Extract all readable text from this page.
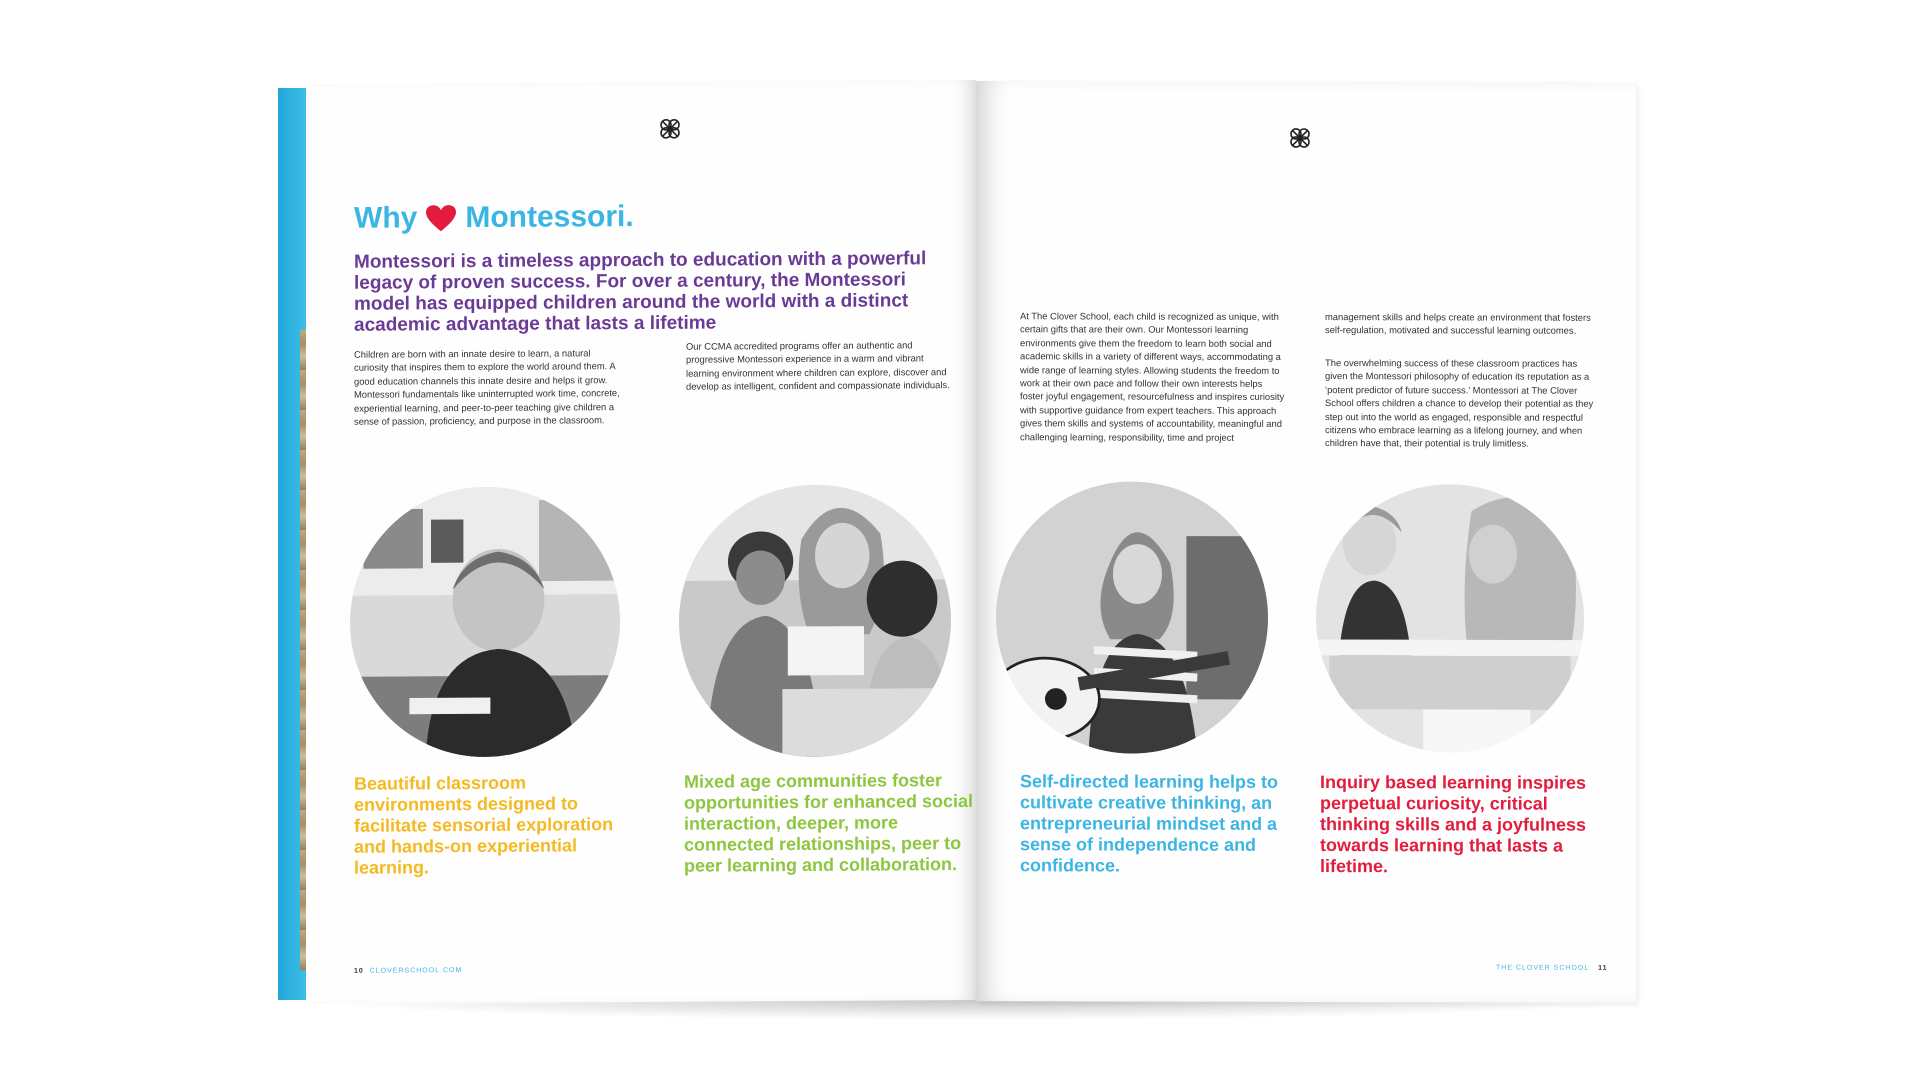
Why Montessori.

Montessori is a timeless approach to education with a powerful legacy of proven success. For over a century, the Montessori model has equipped children around the world with a distinct academic advantage that lasts a lifetime

Children are born with an innate desire to learn, a natural curiosity that inspires them to explore the world around them. A good education channels this innate desire and helps it grow. Montessori fundamentals like uninterrupted work time, concrete, experiential learning, and peer-to-peer teaching give children a sense of passion, proficiency, and purpose in the classroom.

Our CCMA accredited programs offer an authentic and progressive Montessori experience in a warm and vibrant learning environment where children can explore, discover and develop as intelligent, confident and compassionate individuals.

Beautiful classroom environments designed to facilitate sensorial exploration and hands-on experiential learning.

Mixed age communities foster opportunities for enhanced social interaction, deeper, more connected relationships, peer to peer learning and collaboration.

10 CLOVERSCHOOL.COM

At The Clover School, each child is recognized as unique, with certain gifts that are their own. Our Montessori learning environments give them the freedom to learn both social and academic skills in a variety of different ways, accommodating a wide range of learning styles. Allowing students the freedom to work at their own pace and follow their own interests helps foster joyful engagement, resourcefulness and inspires curiosity with supportive guidance from expert teachers. This approach gives them skills and systems of accountability, meaningful and challenging learning, responsibility, time and project

management skills and helps create an environment that fosters self-regulation, motivated and successful learning outcomes.

The overwhelming success of these classroom practices has given the Montessori philosophy of education its reputation as a ‘potent predictor of future success.’ Montessori at The Clover School offers children a chance to develop their potential as they step out into the world as engaged, responsible and respectful citizens who embrace learning as a lifelong journey, and when children have that, their potential is truly limitless.

Self-directed learning helps to cultivate creative thinking, an entrepreneurial mindset and a sense of independence and confidence.

Inquiry based learning inspires perpetual curiosity, critical thinking skills and a joyfulness towards learning that lasts a lifetime.

THE CLOVER SCHOOL 11
